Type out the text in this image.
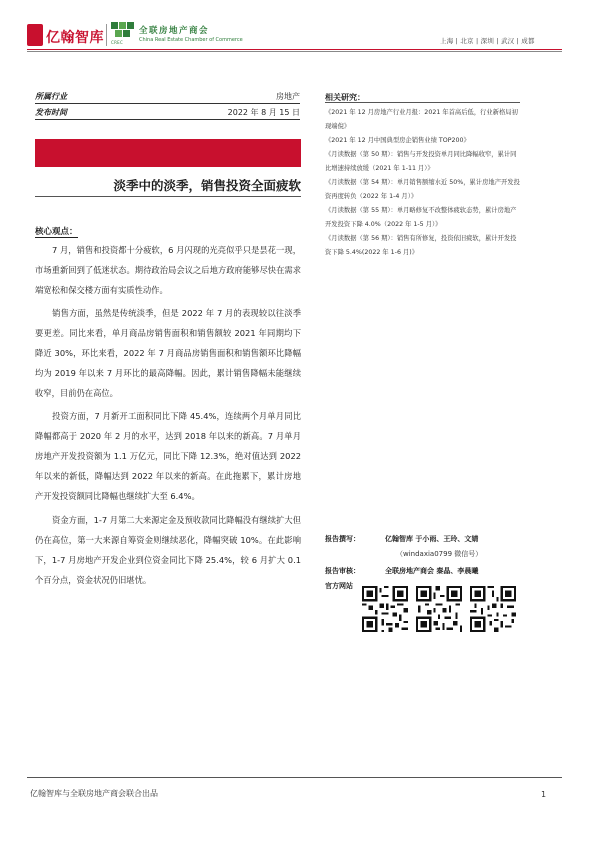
亿翰智库 CREC
全联房地产商会
China Real Estate Chamber of Commerce	上海 | 北京 | 深圳 | 武汉 | 成都
所属行业	房地产
发布时间	2022 年 8 月 15 日
淡季中的淡季，销售投资全面疲软
核心观点：
7 月，销售和投资都十分疲软，6 月闪现的光亮似乎只是昙花一现，市场重新回到了低迷状态。期待政治局会议之后地方政府能够尽快在需求端宽松和保交楼方面有实质性动作。
销售方面，虽然是传统淡季，但是 2022 年 7 月的表现较以往淡季要更差。同比来看，单月商品房销售面积和销售额较 2021 年同期均下降近 30%，环比来看，2022 年 7 月商品房销售面积和销售额环比降幅均为 2019 年以来 7 月环比的最高降幅。因此，累计销售降幅未能继续收窄，目前仍在高位。
投资方面，7 月新开工面积同比下降 45.4%，连续两个月单月同比降幅都高于 2020 年 2 月的水平，达到 2018 年以来的新高。7 月单月房地产开发投资额为 1.1 万亿元，同比下降 12.3%，绝对值达到 2022 年以来的新低，降幅达到 2022 年以来的新高。在此拖累下，累计房地产开发投资额同比降幅也继续扩大至 6.4%。
资金方面，1-7 月第二大来源定金及预收款同比降幅没有继续扩大但仍在高位，第一大来源自筹资金则继续恶化，降幅突破 10%。在此影响下，1-7 月房地产开发企业到位资金同比下降 25.4%，较 6 月扩大 0.1 个百分点，资金状况仍旧堪忧。
相关研究：
《2021 年 12 月房地产行业月报：2021 年首高后低，行业新格局初现端倪》
《2021 年 12 月中国典型房企销售业绩 TOP200》
《月读数据（第 50 期）：销售与开发投资单月同比降幅收窄，累计同比增速持续放缓（2021 年 1-11 月）》
《月读数据（第 54 期）：单月销售额缩水近 50%，累计房地产开发投资再度转负（2022 年 1-4 月）》
《月读数据（第 55 期）：单月略修复不改整体疲软态势，累计房地产开发投资下降 4.0%（2022 年 1-5 月）》
《月读数据（第 56 期）：销售有所修复，投资依旧疲软，累计开发投资下降 5.4%(2022 年 1-6 月)》
报告撰写：	亿翰智库 于小雨、王玲、文婧
（windaxia0799 微信号）
报告审核：	全联房地产商会 秦晶、李晨曦
官方网站
亿翰智库与全联房地产商会联合出品	1
